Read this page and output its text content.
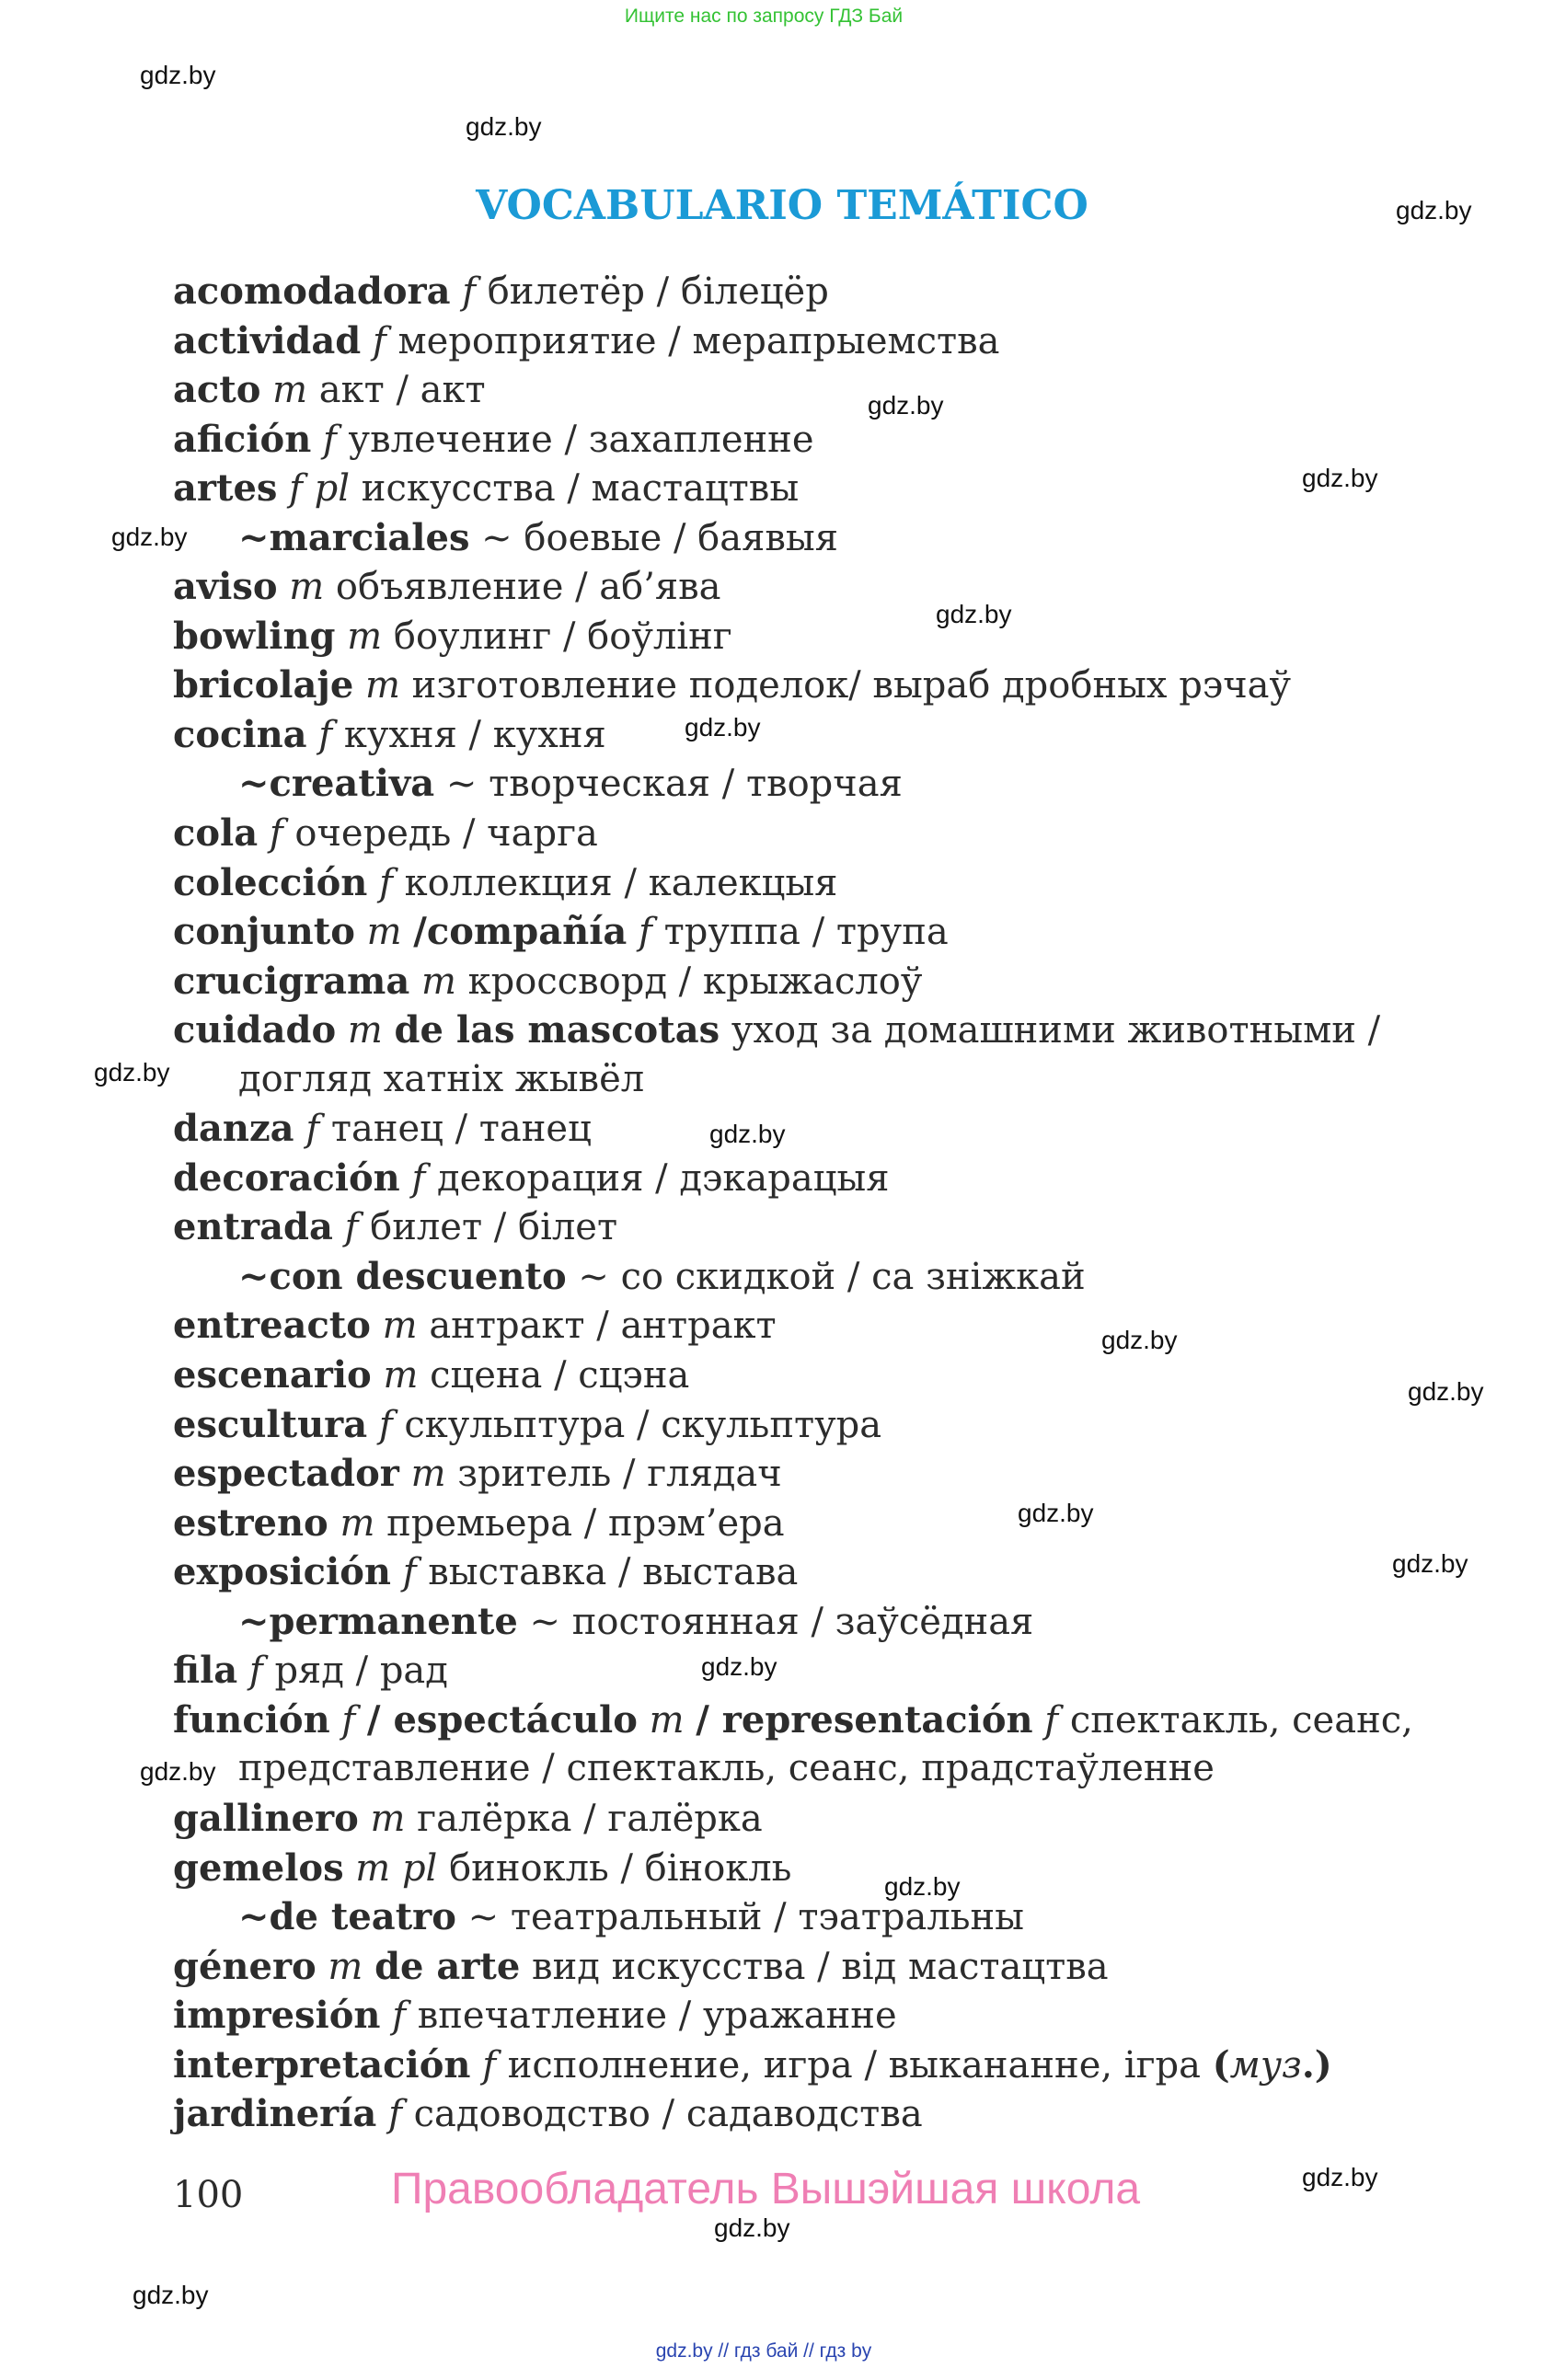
Ищите нас по запросу ГДЗ Бай
VOCABULARIO TEMÁTICO
acomodadora f билетёр / білецёр
actividad f мероприятие / мерапрыемства
acto m акт / акт
afición f увлечение / захапленне
artes f pl искусства / мастацтвы
~marciales ~ боевые / баявыя
aviso m объявление / аб’ява
bowling m боулинг / боўлінг
bricolaje m изготовление поделок/ выраб дробных рэчаў
cocina f кухня / кухня
~creativa ~ творческая / творчая
cola f очередь / чарга
colección f коллекция / калекцыя
conjunto m /compañía f труппа / трупа
crucigrama m кроссворд / крыжаслоў
cuidado m de las mascotas уход за домашними животными /
догляд хатніх жывёл
danza f танец / танец
decoración f декорация / дэкарацыя
entrada f билет / білет
~con descuento ~ со скидкой / са зніжкай
entreacto m антракт / антракт
escenario m сцена / сцэна
escultura f скульптура / скульптура
espectador m зритель / глядач
estreno m премьера / прэм’ера
exposición f выставка / выстава
~permanente ~ постоянная / заўсёдная
fila f ряд / рад
función f / espectáculo m / representación f спектакль, сеанс,
представление / спектакль, сеанс, прадстаўленне
gallinero m галёрка / галёрка
gemelos m pl бинокль / бінокль
~de teatro ~ театральный / тэатральны
género m de arte вид искусства / від мастацтва
impresión f впечатление / уражанне
interpretación f исполнение, игра / выкананне, ігра (муз.)
jardinería f садоводство / садаводства
100	Правообладатель Вышэйшая школа
gdz.by
gdz.by
gdz.by
gdz.by
gdz.by
gdz.by
gdz.by
gdz.by
gdz.by
gdz.by
gdz.by
gdz.by
gdz.by
gdz.by
gdz.by
gdz.by
gdz.by
gdz.by
gdz.by
gdz.by
gdz.by // гдз бай // гдз by
